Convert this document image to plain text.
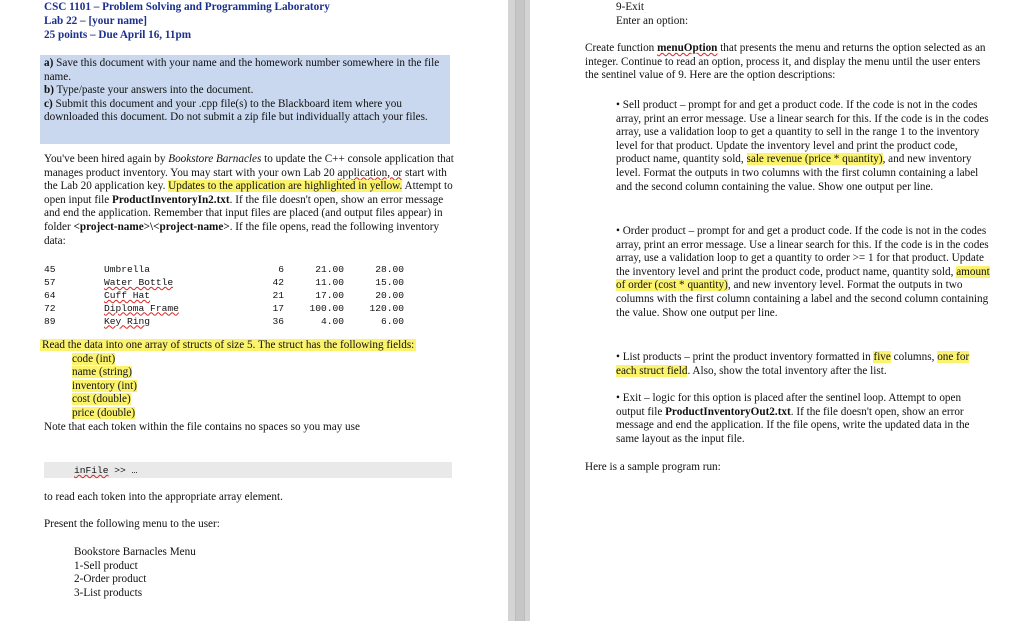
CSC 1101 – Problem Solving and Programming Laboratory
Lab 22 – [your name]
25 points – Due April 16, 11pm

a) Save this document with your name and the homework number somewhere in the file name.

b) Type/paste your answers into the document.

c) Submit this document and your .cpp file(s) to the Blackboard item where you downloaded this document. Do not submit a zip file but individually attach your files.

You've been hired again by Bookstore Barnacles to update the C++ console application that manages product inventory. You may start with your own Lab 20 application, or start with the Lab 20 application key. Updates to the application are highlighted in yellow. Attempt to open input file ProductInventoryIn2.txt. If the file doesn't open, show an error message and end the application. Remember that input files are placed (and output files appear) in folder <project-name>\<project-name>. If the file opens, read the following inventory data:
45	Umbrella	6	21.00	28.00
57	Water Bottle	42	11.00	15.00
64	Cuff Hat	21	17.00	20.00
72	Diploma Frame	17	100.00	120.00
89	Key Ring	36	4.00	6.00
Read the data into one array of structs of size 5. The struct has the following fields:
code (int)
name (string)
inventory (int)
cost (double)
price (double)
Note that each token within the file contains no spaces so you may use
inFile >> …
to read each token into the appropriate array element.
Present the following menu to the user:
Bookstore Barnacles Menu
1-Sell product
2-Order product
3-List products
9-Exit
Enter an option:
Create function menuOption that presents the menu and returns the option selected as an integer. Continue to read an option, process it, and display the menu until the user enters the sentinel value of 9. Here are the option descriptions:
• Sell product – prompt for and get a product code. If the code is not in the codes array, print an error message. Use a linear search for this. If the code is in the codes array, use a validation loop to get a quantity to sell in the range 1 to the inventory level for that product. Update the inventory level and print the product code, product name, quantity sold, sale revenue (price * quantity), and new inventory level. Format the outputs in two columns with the first column containing a label and the second column containing the value. Show one output per line.
• Order product – prompt for and get a product code. If the code is not in the codes array, print an error message. Use a linear search for this. If the code is in the codes array, use a validation loop to get a quantity to order >= 1 for that product. Update the inventory level and print the product code, product name, quantity sold, amount of order (cost * quantity), and new inventory level. Format the outputs in two columns with the first column containing a label and the second column containing the value. Show one output per line.
• List products – print the product inventory formatted in five columns, one for each struct field. Also, show the total inventory after the list.
• Exit – logic for this option is placed after the sentinel loop. Attempt to open output file ProductInventoryOut2.txt. If the file doesn't open, show an error message and end the application. If the file opens, write the updated data in the same layout as the input file.
Here is a sample program run:
